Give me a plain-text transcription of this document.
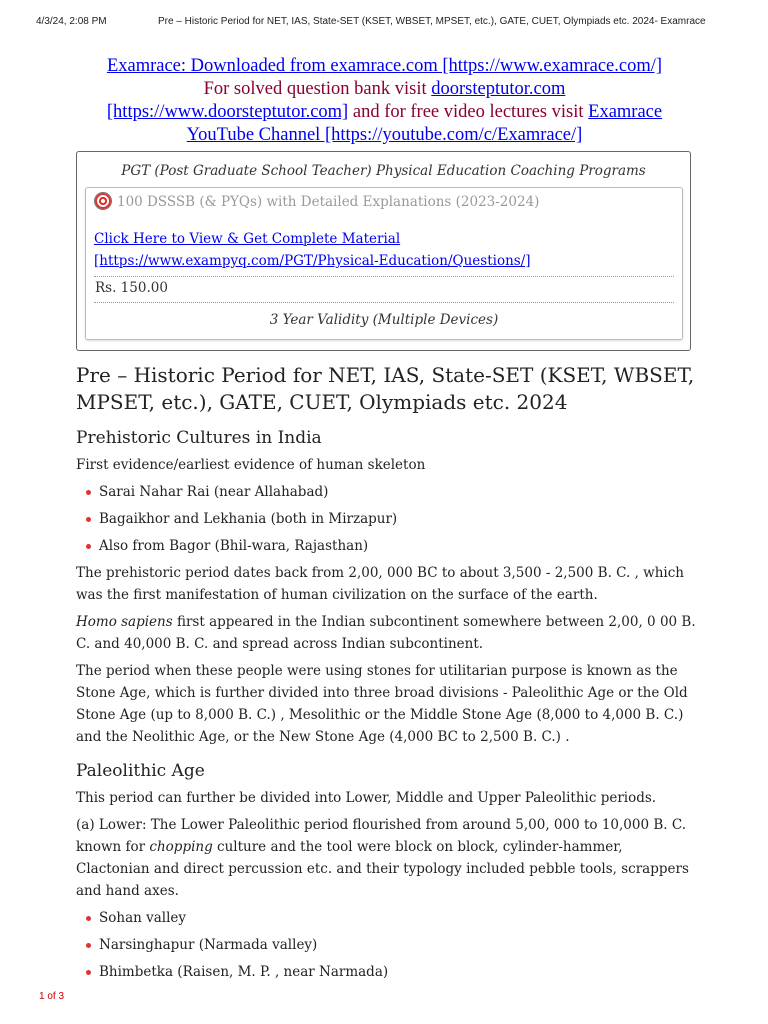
4/3/24, 2:08 PM	Pre – Historic Period for NET, IAS, State-SET (KSET, WBSET, MPSET, etc.), GATE, CUET, Olympiads etc. 2024- Examrace
Examrace: Downloaded from examrace.com [https://www.examrace.com/]
For solved question bank visit doorsteptutor.com
[https://www.doorsteptutor.com] and for free video lectures visit Examrace
YouTube Channel [https://youtube.com/c/Examrace/]
PGT (Post Graduate School Teacher) Physical Education Coaching Programs
100 DSSSB (& PYQs) with Detailed Explanations (2023-2024)
Click Here to View & Get Complete Material [https://www.exampyq.com/PGT/Physical-Education/Questions/]
Rs. 150.00
3 Year Validity (Multiple Devices)
Pre – Historic Period for NET, IAS, State-SET (KSET, WBSET, MPSET, etc.), GATE, CUET, Olympiads etc. 2024
Prehistoric Cultures in India

First evidence/earliest evidence of human skeleton

Sarai Nahar Rai (near Allahabad)
Bagaikhor and Lekhania (both in Mirzapur)
Also from Bagor (Bhil-wara, Rajasthan)

The prehistoric period dates back from 2,00, 000 BC to about 3,500 - 2,500 B. C. , which was the first manifestation of human civilization on the surface of the earth.

Homo sapiens first appeared in the Indian subcontinent somewhere between 2,00, 0 00 B. C. and 40,000 B. C. and spread across Indian subcontinent.

The period when these people were using stones for utilitarian purpose is known as the Stone Age, which is further divided into three broad divisions - Paleolithic Age or the Old Stone Age (up to 8,000 B. C.) , Mesolithic or the Middle Stone Age (8,000 to 4,000 B. C.) and the Neolithic Age, or the New Stone Age (4,000 BC to 2,500 B. C.) .

Paleolithic Age

This period can further be divided into Lower, Middle and Upper Paleolithic periods.

(a) Lower: The Lower Paleolithic period flourished from around 5,00, 000 to 10,000 B. C. known for chopping culture and the tool were block on block, cylinder-hammer, Clactonian and direct percussion etc. and their typology included pebble tools, scrappers and hand axes.

Sohan valley
Narsinghapur (Narmada valley)
Bhimbetka (Raisen, M. P. , near Narmada)
1 of 3
